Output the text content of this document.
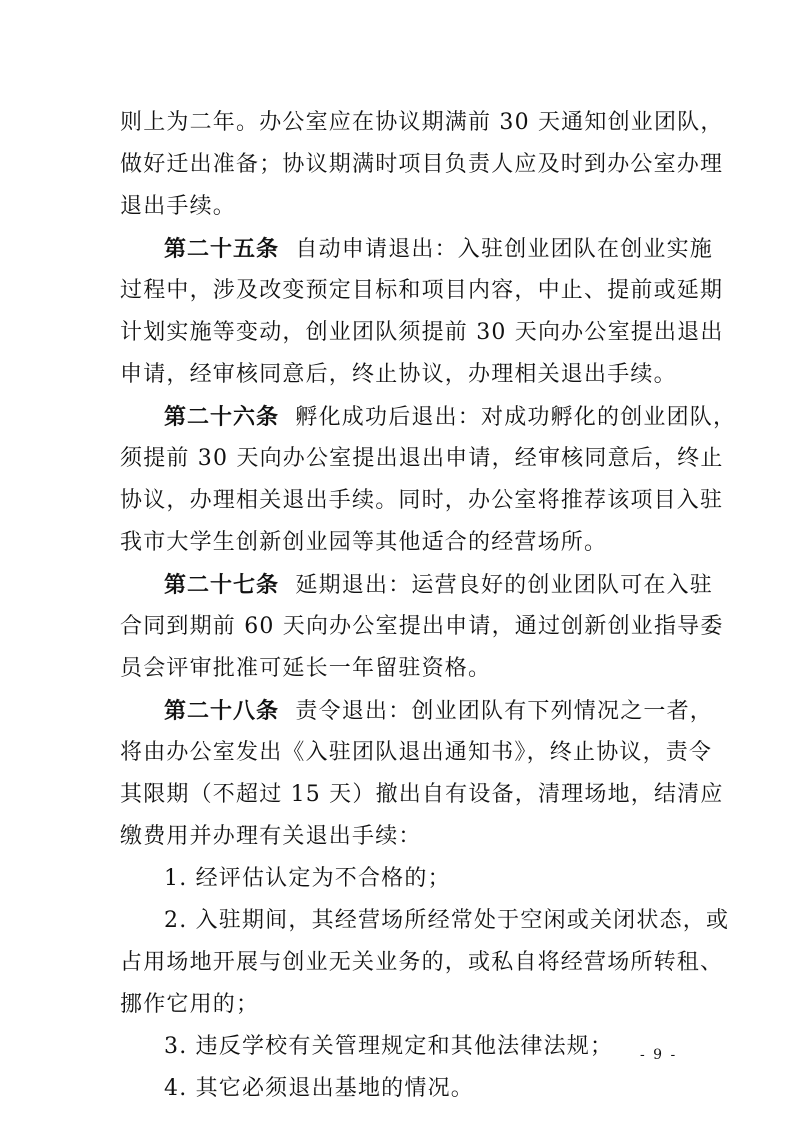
则上为二年。办公室应在协议期满前 30 天通知创业团队，
做好迁出准备；协议期满时项目负责人应及时到办公室办理
退出手续。
第二十五条 自动申请退出：入驻创业团队在创业实施
过程中，涉及改变预定目标和项目内容，中止、提前或延期
计划实施等变动，创业团队须提前 30 天向办公室提出退出
申请，经审核同意后，终止协议，办理相关退出手续。
第二十六条 孵化成功后退出：对成功孵化的创业团队，
须提前 30 天向办公室提出退出申请，经审核同意后，终止
协议，办理相关退出手续。同时，办公室将推荐该项目入驻
我市大学生创新创业园等其他适合的经营场所。
第二十七条 延期退出：运营良好的创业团队可在入驻
合同到期前 60 天向办公室提出申请，通过创新创业指导委
员会评审批准可延长一年留驻资格。
第二十八条 责令退出：创业团队有下列情况之一者，
将由办公室发出《入驻团队退出通知书》，终止协议，责令
其限期（不超过 15 天）撤出自有设备，清理场地，结清应
缴费用并办理有关退出手续：
1. 经评估认定为不合格的；
2. 入驻期间，其经营场所经常处于空闲或关闭状态，或
占用场地开展与创业无关业务的，或私自将经营场所转租、
挪作它用的；
3. 违反学校有关管理规定和其他法律法规；
4. 其它必须退出基地的情况。
- 9 -
